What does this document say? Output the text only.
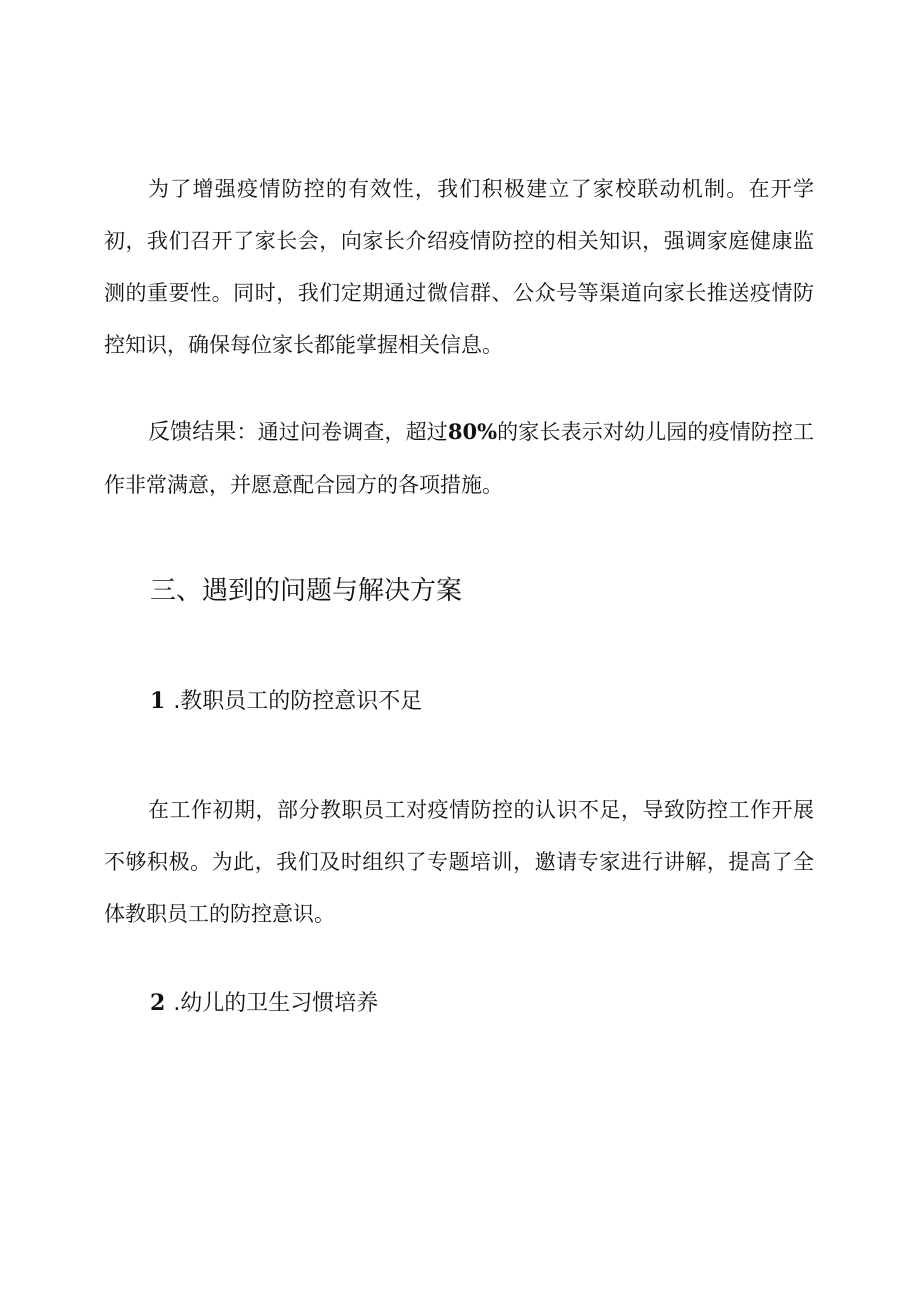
为了增强疫情防控的有效性，我们积极建立了家校联动机制。在开学初，我们召开了家长会，向家长介绍疫情防控的相关知识，强调家庭健康监测的重要性。同时，我们定期通过微信群、公众号等渠道向家长推送疫情防控知识，确保每位家长都能掌握相关信息。

反馈结果：通过问卷调查，超过80%的家长表示对幼儿园的疫情防控工作非常满意，并愿意配合园方的各项措施。

三、遇到的问题与解决方案
1 .教职员工的防控意识不足

在工作初期，部分教职员工对疫情防控的认识不足，导致防控工作开展不够积极。为此，我们及时组织了专题培训，邀请专家进行讲解，提高了全体教职员工的防控意识。

2 .幼儿的卫生习惯培养
